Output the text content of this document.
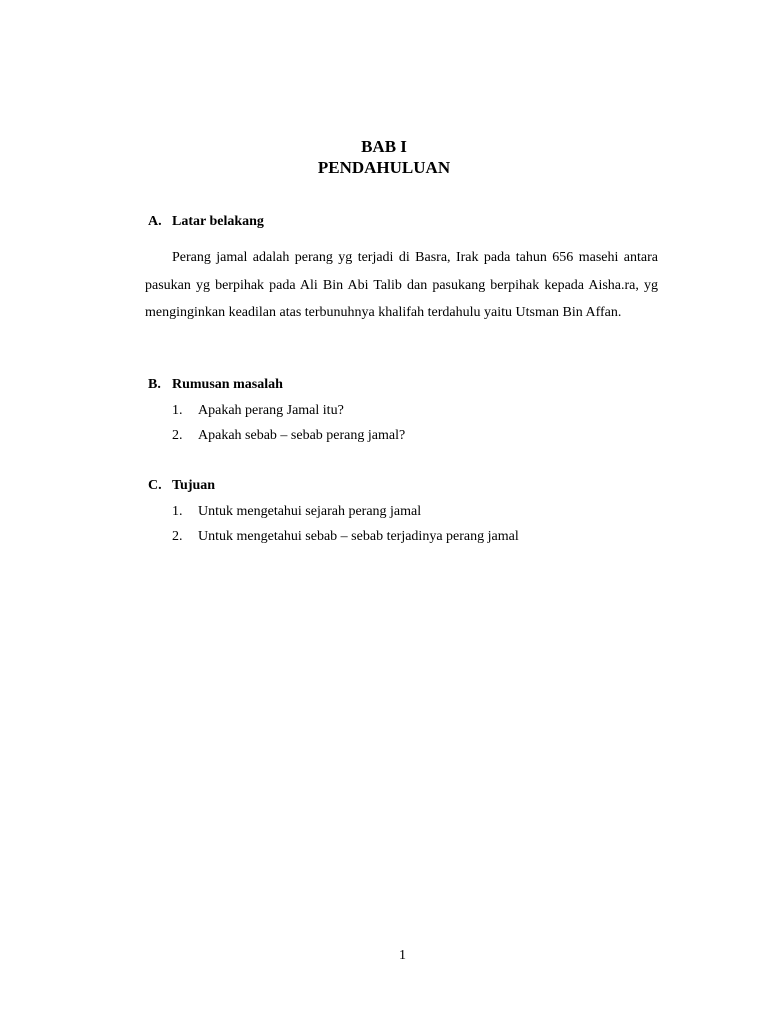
BAB I
PENDAHULUAN
A. Latar belakang

Perang jamal adalah perang yg terjadi di Basra, Irak pada tahun 656 masehi antara pasukan yg berpihak pada Ali Bin Abi Talib dan pasukang berpihak kepada Aisha.ra, yg menginginkan keadilan atas terbunuhnya khalifah terdahulu yaitu Utsman Bin Affan.

B. Rumusan masalah
1. Apakah perang Jamal itu?
2. Apakah sebab – sebab perang jamal?
C. Tujuan
1. Untuk mengetahui sejarah perang jamal
2. Untuk mengetahui sebab – sebab terjadinya perang jamal
1
